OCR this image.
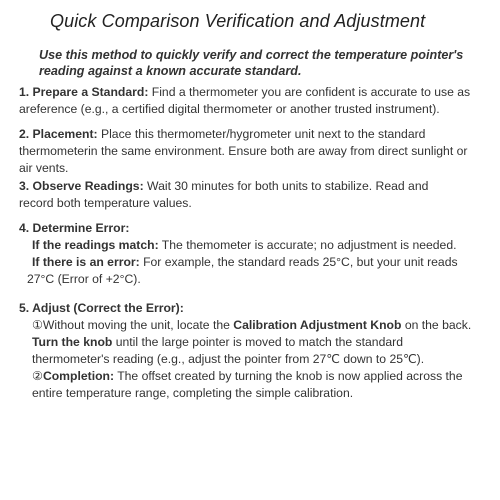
Quick Comparison Verification and Adjustment
Use this method to quickly verify and correct the temperature pointer's reading against a known accurate standard.
1. Prepare a Standard: Find a thermometer you are confident is accurate to use as
areference (e.g., a certified digital thermometer or another trusted instrument).
2. Placement: Place this thermometer/hygrometer unit next to the standard
thermometerin the same environment. Ensure both are away from direct sunlight or
air vents.
3. Observe Readings: Wait 30 minutes for both units to stabilize. Read and
record both temperature values.
4. Determine Error:
If the readings match: The themometer is accurate; no adjustment is needed.
If there is an error: For example, the standard reads 25°C, but your unit reads
27°C (Error of +2°C).
5. Adjust (Correct the Error):
①Without moving the unit, locate the Calibration Adjustment Knob on the back.
Turn the knob until the large pointer is moved to match the standard
thermometer's reading (e.g., adjust the pointer from 27℃ down to 25℃).
②Completion: The offset created by turning the knob is now applied across the
entire temperature range, completing the simple calibration.
